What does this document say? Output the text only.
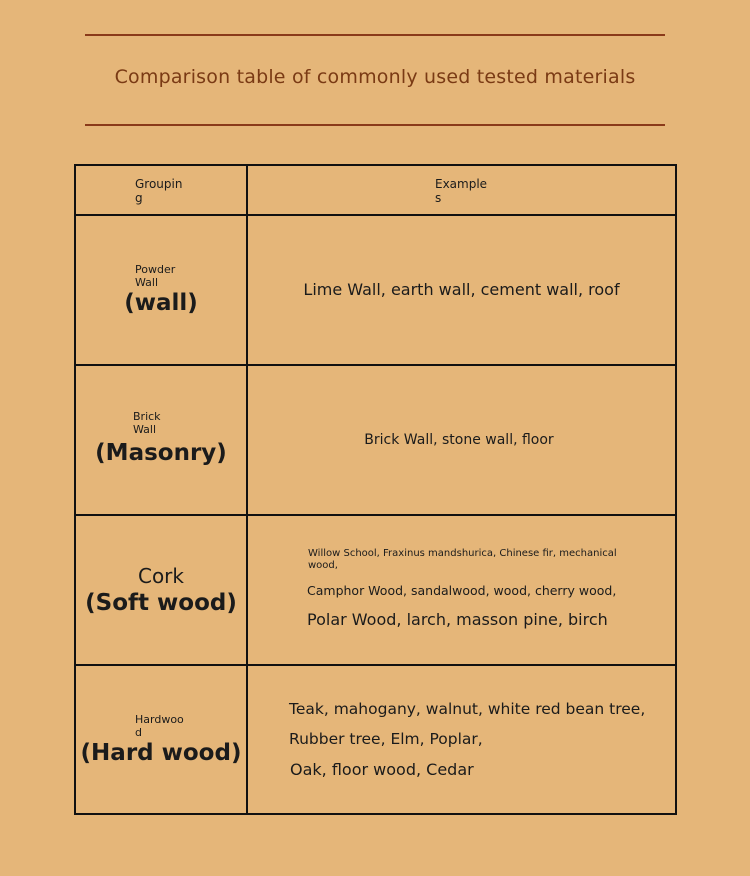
Comparison table of commonly used tested materials
Groupin
g
Example
s
Powder
Wall
(wall)
Lime Wall, earth wall, cement wall, roof
Brick
Wall
(Masonry)	Brick Wall, stone wall, floor
Cork
(Soft wood)
Willow School, Fraxinus mandshurica, Chinese fir, mechanical
wood,
Camphor Wood, sandalwood, wood, cherry wood,
Polar Wood, larch, masson pine, birch
Hardwoo
d
(Hard wood)
Teak, mahogany, walnut, white red bean tree,
Rubber tree, Elm, Poplar,
Oak, floor wood, Cedar
